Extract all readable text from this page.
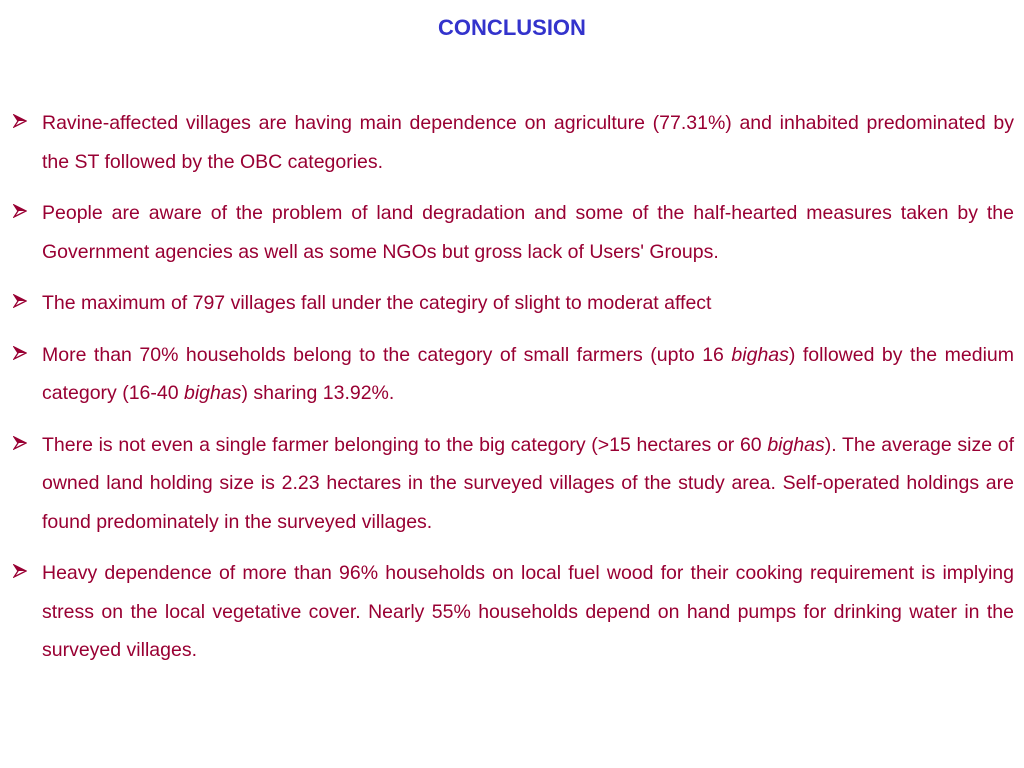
CONCLUSION
Ravine-affected villages are having main dependence on agriculture (77.31%) and inhabited predominated by the ST followed by the OBC categories.
People are aware of the problem of land degradation and some of the half-hearted measures taken by the Government agencies as well as some NGOs but gross lack of Users' Groups.
The maximum of 797 villages fall under the categiry of slight to moderat affect
More than 70% households belong to the category of small farmers (upto 16 bighas) followed by the medium category (16-40 bighas) sharing 13.92%.
There is not even a single farmer belonging to the big category (>15 hectares or 60 bighas). The average size of owned land holding size is 2.23 hectares in the surveyed villages of the study area. Self-operated holdings are found predominately in the surveyed villages.
Heavy dependence of more than 96% households on local fuel wood for their cooking requirement is implying stress on the local vegetative cover. Nearly 55% households depend on hand pumps for drinking water in the surveyed villages.
